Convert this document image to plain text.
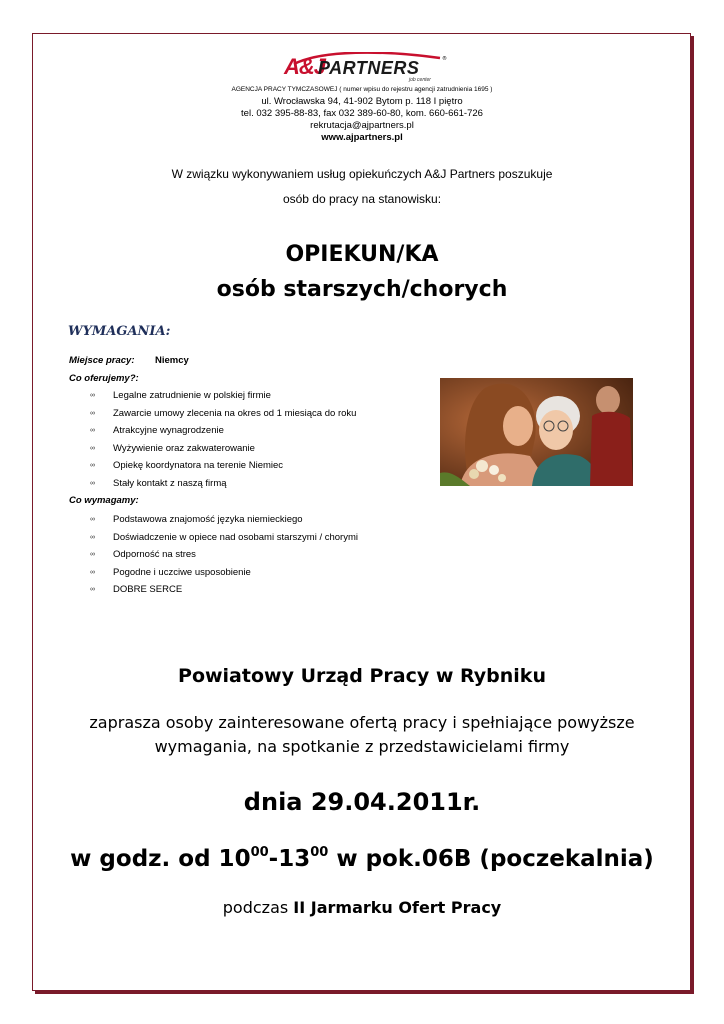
A&J
PARTNERS	®
job center
AGENCJA PRACY TYMCZASOWEJ ( numer wpisu do rejestru agencji zatrudnienia 1695 )
ul. Wrocławska 94, 41-902 Bytom p. 118 I piętro
tel. 032 395-88-83, fax 032 389-60-80, kom. 660-661-726
rekrutacja@ajpartners.pl
www.ajpartners.pl
W związku wykonywaniem usług opiekuńczych A&J Partners poszukuje
osób do pracy na stanowisku:
OPIEKUN/KA
osób starszych/chorych
WYMAGANIA:
Miejsce pracy: Niemcy
Co oferujemy?:
∞ Legalne zatrudnienie w polskiej firmie
∞ Zawarcie umowy zlecenia na okres od 1 miesiąca do roku
∞ Atrakcyjne wynagrodzenie
∞ Wyżywienie oraz zakwaterowanie
∞ Opiekę koordynatora na terenie Niemiec
∞ Stały kontakt z naszą firmą
Co wymagamy:
∞ Podstawowa znajomość języka niemieckiego
∞ Doświadczenie w opiece nad osobami starszymi / chorymi
∞ Odporność na stres
∞ Pogodne i uczciwe usposobienie
∞ DOBRE SERCE
Powiatowy Urząd Pracy w Rybniku
zaprasza osoby zainteresowane ofertą pracy i spełniające powyższe
wymagania, na spotkanie z przedstawicielami firmy
dnia 29.04.2011r.
w godz. od $10^{00}-13^{00}$ w pok.06B (poczekalnia)
podczas II Jarmarku Ofert Pracy
